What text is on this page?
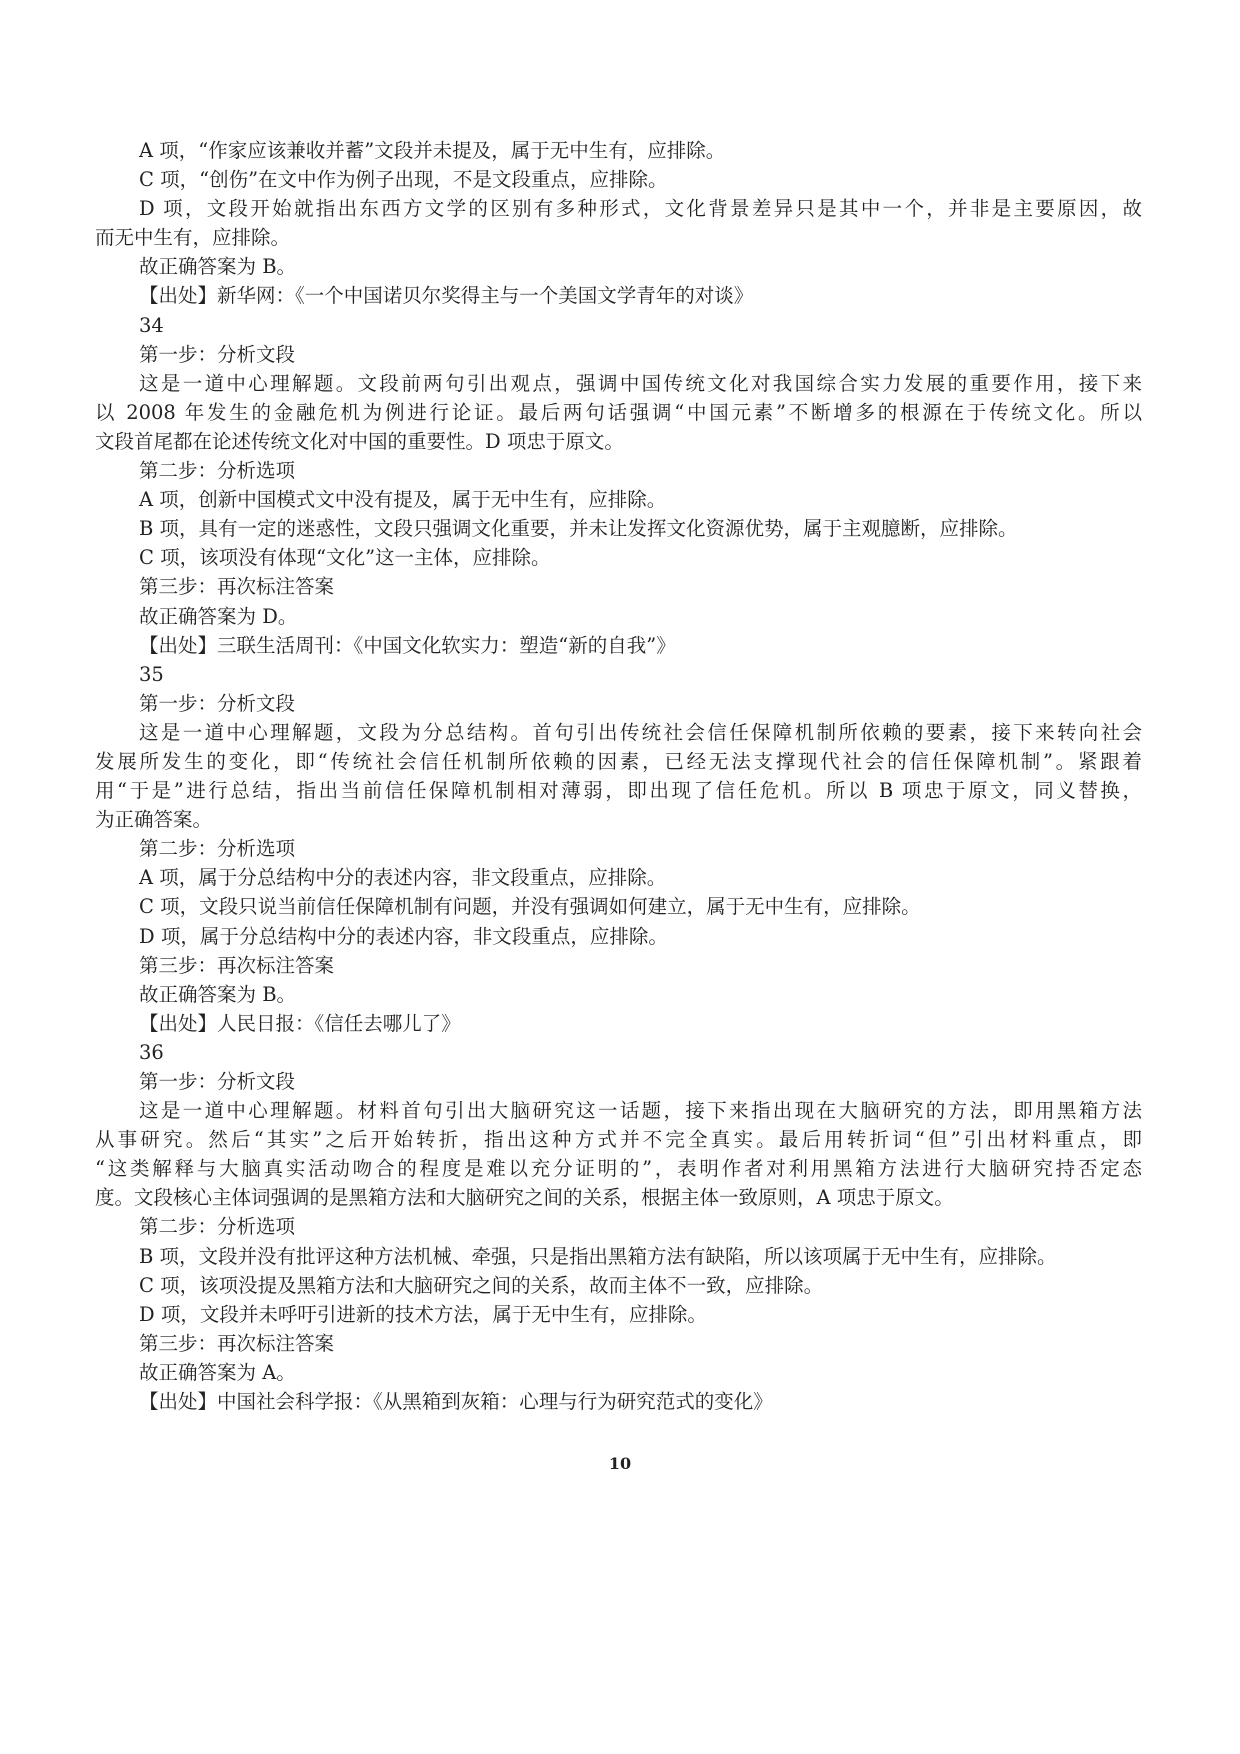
A 项，“作家应该兼收并蓄”文段并未提及，属于无中生有，应排除。
C 项，“创伤”在文中作为例子出现，不是文段重点，应排除。
D 项，文段开始就指出东西方文学的区别有多种形式，文化背景差异只是其中一个，并非是主要原因，故
而无中生有，应排除。
故正确答案为 B。
【出处】新华网：《一个中国诺贝尔奖得主与一个美国文学青年的对谈》
34
第一步：分析文段
这是一道中心理解题。文段前两句引出观点，强调中国传统文化对我国综合实力发展的重要作用，接下来
以 2008 年发生的金融危机为例进行论证。最后两句话强调“中国元素”不断增多的根源在于传统文化。所以
文段首尾都在论述传统文化对中国的重要性。D 项忠于原文。
第二步：分析选项
A 项，创新中国模式文中没有提及，属于无中生有，应排除。
B 项，具有一定的迷惑性，文段只强调文化重要，并未让发挥文化资源优势，属于主观臆断，应排除。
C 项，该项没有体现“文化”这一主体，应排除。
第三步：再次标注答案
故正确答案为 D。
【出处】三联生活周刊：《中国文化软实力：塑造“新的自我”》
35
第一步：分析文段
这是一道中心理解题，文段为分总结构。首句引出传统社会信任保障机制所依赖的要素，接下来转向社会
发展所发生的变化，即“传统社会信任机制所依赖的因素，已经无法支撑现代社会的信任保障机制”。紧跟着
用“于是”进行总结，指出当前信任保障机制相对薄弱，即出现了信任危机。所以 B 项忠于原文，同义替换，
为正确答案。
第二步：分析选项
A 项，属于分总结构中分的表述内容，非文段重点，应排除。
C 项，文段只说当前信任保障机制有问题，并没有强调如何建立，属于无中生有，应排除。
D 项，属于分总结构中分的表述内容，非文段重点，应排除。
第三步：再次标注答案
故正确答案为 B。
【出处】人民日报：《信任去哪儿了》
36
第一步：分析文段
这是一道中心理解题。材料首句引出大脑研究这一话题，接下来指出现在大脑研究的方法，即用黑箱方法
从事研究。然后“其实”之后开始转折，指出这种方式并不完全真实。最后用转折词“但”引出材料重点，即
“这类解释与大脑真实活动吻合的程度是难以充分证明的”，表明作者对利用黑箱方法进行大脑研究持否定态
度。文段核心主体词强调的是黑箱方法和大脑研究之间的关系，根据主体一致原则，A 项忠于原文。
第二步：分析选项
B 项，文段并没有批评这种方法机械、牵强，只是指出黑箱方法有缺陷，所以该项属于无中生有，应排除。
C 项，该项没提及黑箱方法和大脑研究之间的关系，故而主体不一致，应排除。
D 项，文段并未呼吁引进新的技术方法，属于无中生有，应排除。
第三步：再次标注答案
故正确答案为 A。
【出处】中国社会科学报：《从黑箱到灰箱：心理与行为研究范式的变化》
10
